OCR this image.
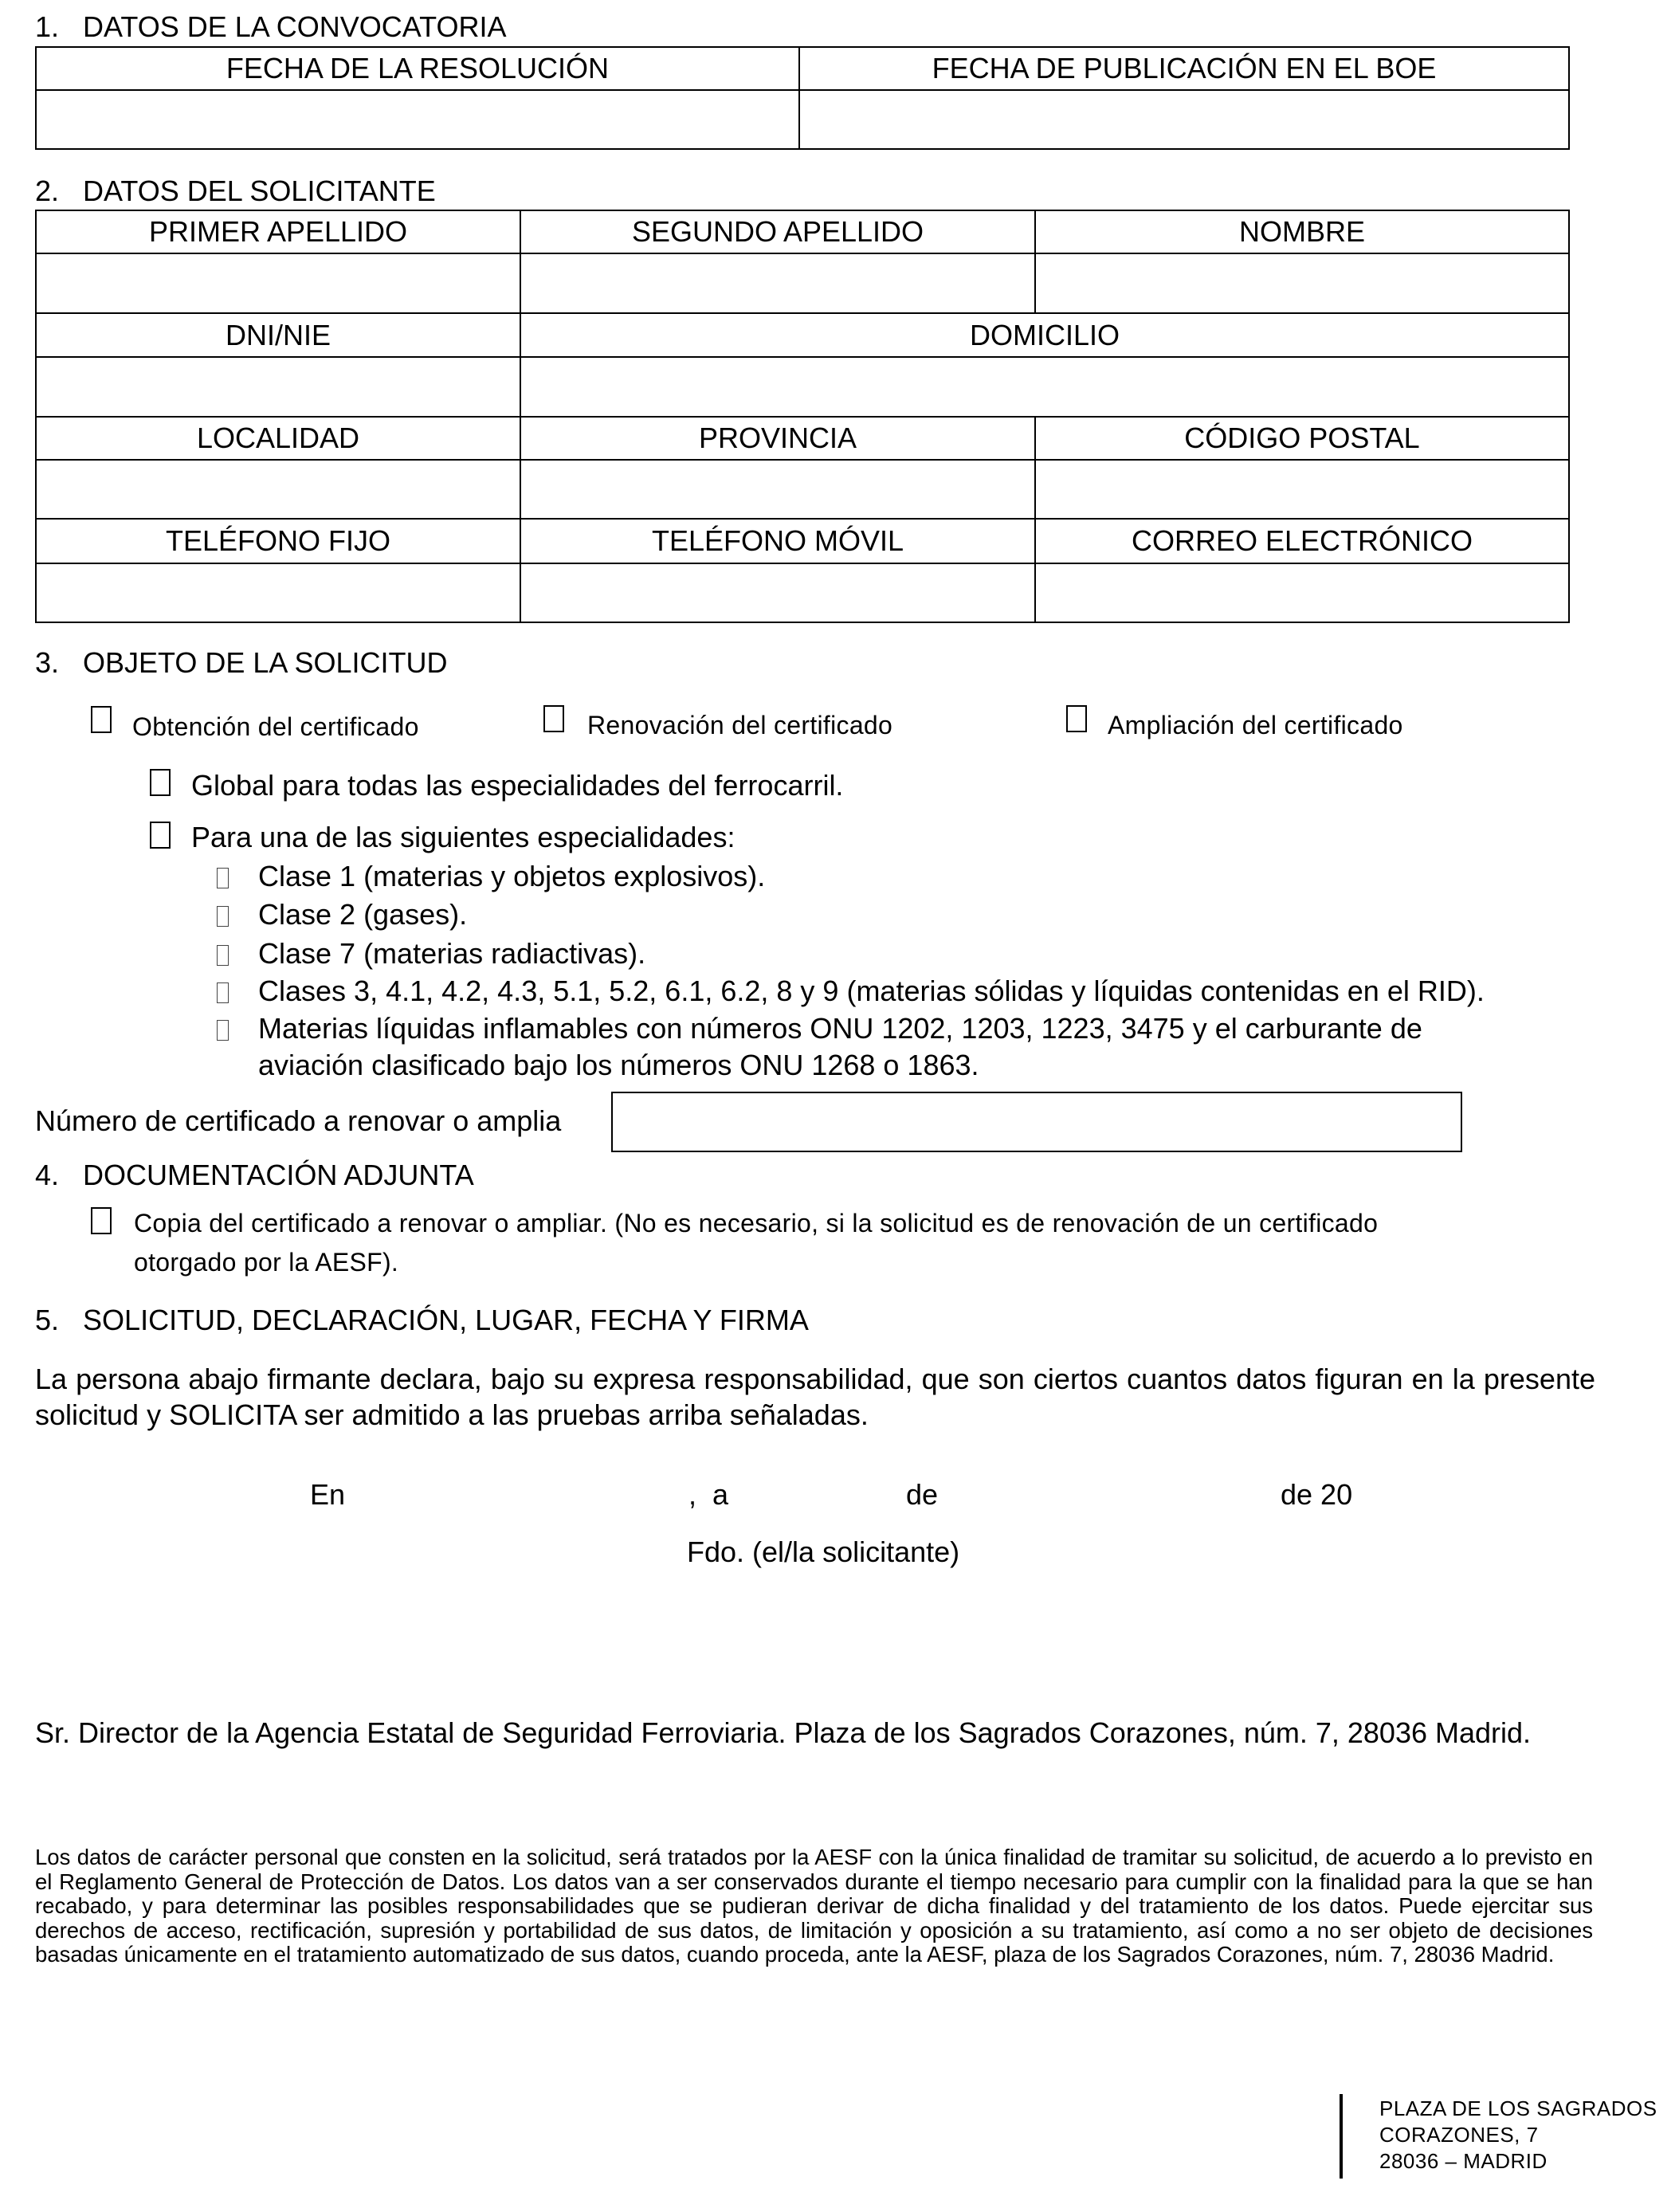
1.   DATOS DE LA CONVOCATORIA
FECHA DE LA RESOLUCIÓN	FECHA DE PUBLICACIÓN EN EL BOE

2.   DATOS DEL SOLICITANTE
PRIMER APELLIDO	SEGUNDO APELLIDO	NOMBRE

DNI/NIE	DOMICILIO	

LOCALIDAD	PROVINCIA	CÓDIGO POSTAL

TELÉFONO FIJO	TELÉFONO MÓVIL	CORREO ELECTRÓNICO

3.   OBJETO DE LA SOLICITUD
Obtención del certificado	Renovación del certificado	Ampliación del certificado
Global para todas las especialidades del ferrocarril.
Para una de las siguientes especialidades:
Clase 1 (materias y objetos explosivos).
Clase 2 (gases).
Clase 7 (materias radiactivas).
Clases 3, 4.1, 4.2, 4.3, 5.1, 5.2, 6.1, 6.2, 8 y 9 (materias sólidas y líquidas contenidas en el RID).
Materias líquidas inflamables con números ONU 1202, 1203, 1223, 3475 y el carburante de
aviación clasificado bajo los números ONU 1268 o 1863.
Número de certificado a renovar o amplia
4.   DOCUMENTACIÓN ADJUNTA
Copia del certificado a renovar o ampliar. (No es necesario, si la solicitud es de renovación de un certificado
otorgado por la AESF).
5.   SOLICITUD, DECLARACIÓN, LUGAR, FECHA Y FIRMA
La persona abajo firmante declara, bajo su expresa responsabilidad, que son ciertos cuantos datos figuran en la presente solicitud y SOLICITA ser admitido a las pruebas arriba señaladas.
En	,  a	de	de 20
Fdo. (el/la solicitante)
Sr. Director de la Agencia Estatal de Seguridad Ferroviaria. Plaza de los Sagrados Corazones, núm. 7, 28036 Madrid.
Los datos de carácter personal que consten en la solicitud, será tratados por la AESF con la única finalidad de tramitar su solicitud, de acuerdo a lo previsto en el Reglamento General de Protección de Datos. Los datos van a ser conservados durante el tiempo necesario para cumplir con la finalidad para la que se han recabado, y para determinar las posibles responsabilidades que se pudieran derivar de dicha finalidad y del tratamiento de los datos. Puede ejercitar sus derechos de acceso, rectificación, supresión y portabilidad de sus datos, de limitación y oposición a su tratamiento, así como a no ser objeto de decisiones basadas únicamente en el tratamiento automatizado de sus datos, cuando proceda, ante la AESF, plaza de los Sagrados Corazones, núm. 7, 28036 Madrid.
PLAZA DE LOS SAGRADOS
CORAZONES, 7
28036 – MADRID
